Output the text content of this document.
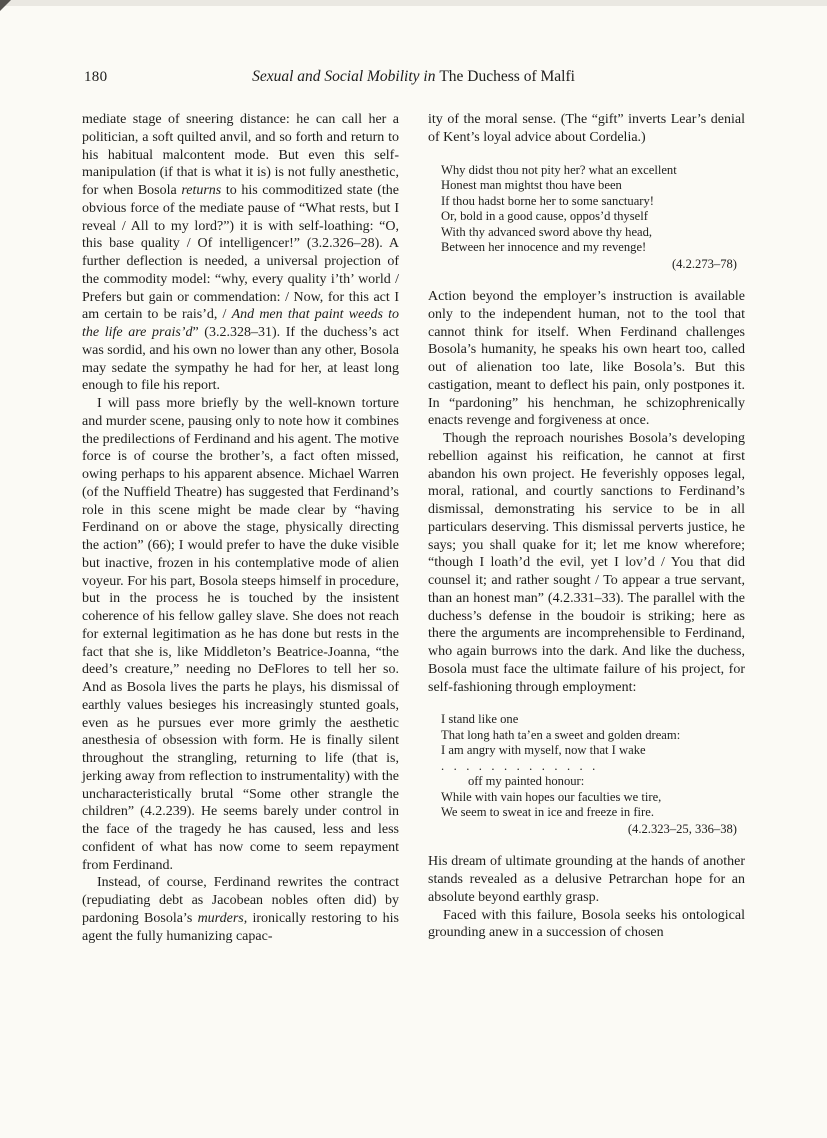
180	Sexual and Social Mobility in The Duchess of Malfi

mediate stage of sneering distance: he can call her a politician, a soft quilted anvil, and so forth and return to his habitual malcontent mode. But even this self-manipulation (if that is what it is) is not fully anesthetic, for when Bosola returns to his commoditized state (the obvious force of the mediate pause of “What rests, but I reveal / All to my lord?”) it is with self-loathing: “O, this base quality / Of intelligencer!” (3.2.326–28). A further deflection is needed, a universal projection of the commodity model: “why, every quality i’th’ world / Prefers but gain or commendation: / Now, for this act I am certain to be rais’d, / And men that paint weeds to the life are prais’d” (3.2.328–31). If the duchess’s act was sordid, and his own no lower than any other, Bosola may sedate the sympathy he had for her, at least long enough to file his report.

I will pass more briefly by the well-known torture and murder scene, pausing only to note how it combines the predilections of Ferdinand and his agent. The motive force is of course the brother’s, a fact often missed, owing perhaps to his apparent absence. Michael Warren (of the Nuffield Theatre) has suggested that Ferdinand’s role in this scene might be made clear by “having Ferdinand on or above the stage, physically directing the action” (66); I would prefer to have the duke visible but inactive, frozen in his contemplative mode of alien voyeur. For his part, Bosola steeps himself in procedure, but in the process he is touched by the insistent coherence of his fellow galley slave. She does not reach for external legitimation as he has done but rests in the fact that she is, like Middleton’s Beatrice-Joanna, “the deed’s creature,” needing no DeFlores to tell her so. And as Bosola lives the parts he plays, his dismissal of earthly values besieges his increasingly stunted goals, even as he pursues ever more grimly the aesthetic anesthesia of obsession with form. He is finally silent throughout the strangling, returning to life (that is, jerking away from reflection to instrumentality) with the uncharacteristically brutal “Some other strangle the children” (4.2.239). He seems barely under control in the face of the tragedy he has caused, less and less confident of what has now come to seem repayment from Ferdinand.

Instead, of course, Ferdinand rewrites the contract (repudiating debt as Jacobean nobles often did) by pardoning Bosola’s murders, ironically restoring to his agent the fully humanizing capac-

ity of the moral sense. (The “gift” inverts Lear’s denial of Kent’s loyal advice about Cordelia.)

Why didst thou not pity her? what an excellent
Honest man mightst thou have been
If thou hadst borne her to some sanctuary!
Or, bold in a good cause, oppos’d thyself
With thy advanced sword above thy head,
Between her innocence and my revenge!
(4.2.273–78)

Action beyond the employer’s instruction is available only to the independent human, not to the tool that cannot think for itself. When Ferdinand challenges Bosola’s humanity, he speaks his own heart too, called out of alienation too late, like Bosola’s. But this castigation, meant to deflect his pain, only postpones it. In “pardoning” his henchman, he schizophrenically enacts revenge and forgiveness at once.

Though the reproach nourishes Bosola’s developing rebellion against his reification, he cannot at first abandon his own project. He feverishly opposes legal, moral, rational, and courtly sanctions to Ferdinand’s dismissal, demonstrating his service to be in all particulars deserving. This dismissal perverts justice, he says; you shall quake for it; let me know wherefore; “though I loath’d the evil, yet I lov’d / You that did counsel it; and rather sought / To appear a true servant, than an honest man” (4.2.331–33). The parallel with the duchess’s defense in the boudoir is striking; here as there the arguments are incomprehensible to Ferdinand, who again burrows into the dark. And like the duchess, Bosola must face the ultimate failure of his project, for self-fashioning through employment:

I stand like one
That long hath ta’en a sweet and golden dream:
I am angry with myself, now that I wake
.   .   .   .   .   .   .   .   .   .   .   .   .
off my painted honour:
While with vain hopes our faculties we tire,
We seem to sweat in ice and freeze in fire.
(4.2.323–25, 336–38)

His dream of ultimate grounding at the hands of another stands revealed as a delusive Petrarchan hope for an absolute beyond earthly grasp.

Faced with this failure, Bosola seeks his ontological grounding anew in a succession of chosen
